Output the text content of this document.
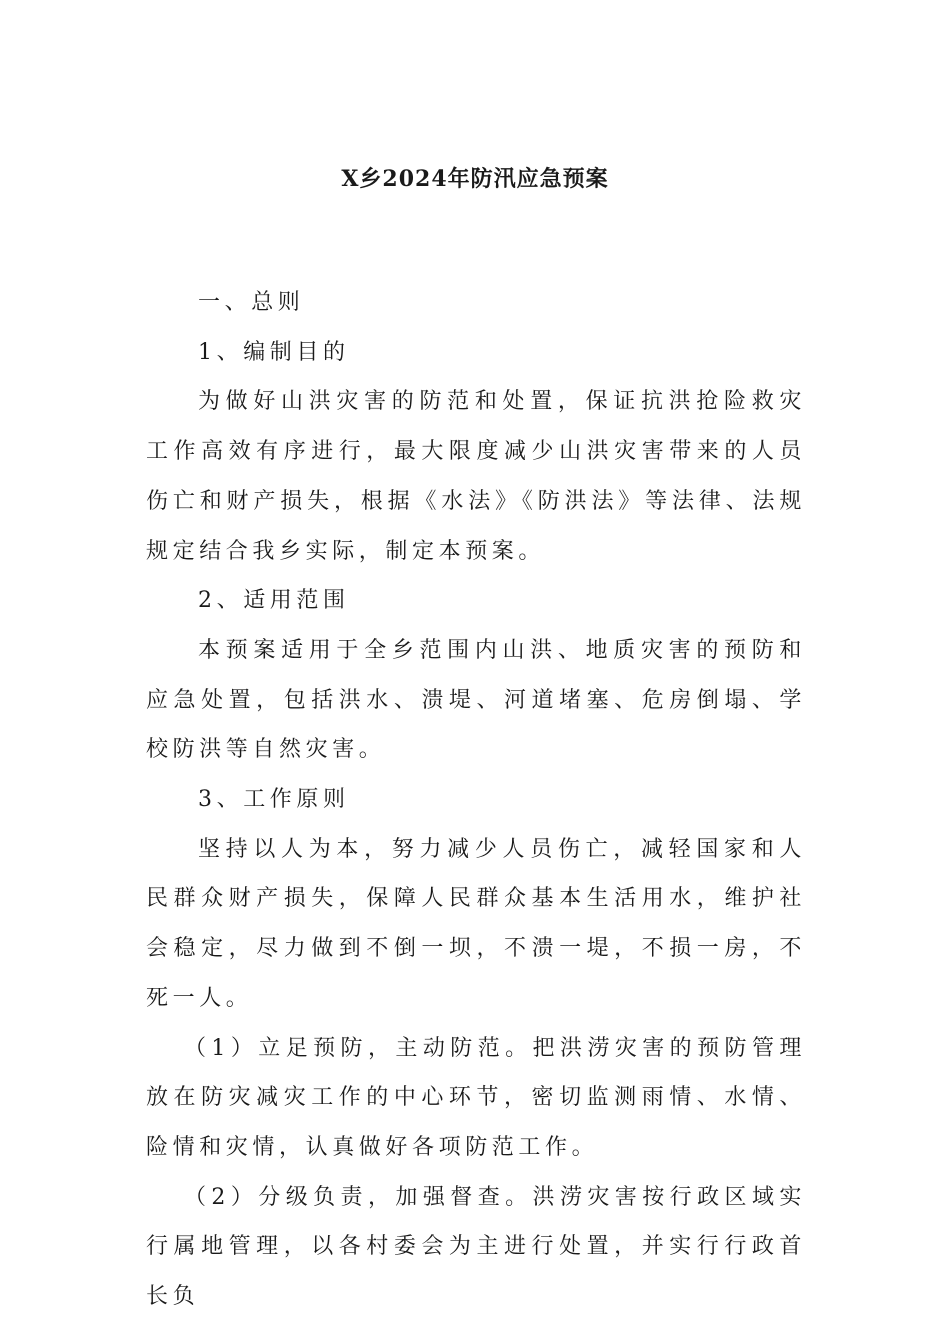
X乡2024年防汛应急预案

一、总则

1、编制目的

为做好山洪灾害的防范和处置，保证抗洪抢险救灾工作高效有序进行，最大限度减少山洪灾害带来的人员伤亡和财产损失，根据《水法》《防洪法》等法律、法规规定结合我乡实际，制定本预案。

2、适用范围

本预案适用于全乡范围内山洪、地质灾害的预防和应急处置，包括洪水、溃堤、河道堵塞、危房倒塌、学校防洪等自然灾害。

3、工作原则

坚持以人为本，努力减少人员伤亡，减轻国家和人民群众财产损失，保障人民群众基本生活用水，维护社会稳定，尽力做到不倒一坝，不溃一堤，不损一房，不死一人。

（1）立足预防，主动防范。把洪涝灾害的预防管理放在防灾减灾工作的中心环节，密切监测雨情、水情、险情和灾情，认真做好各项防范工作。

（2）分级负责，加强督查。洪涝灾害按行政区域实行属地管理，以各村委会为主进行处置，并实行行政首长负
